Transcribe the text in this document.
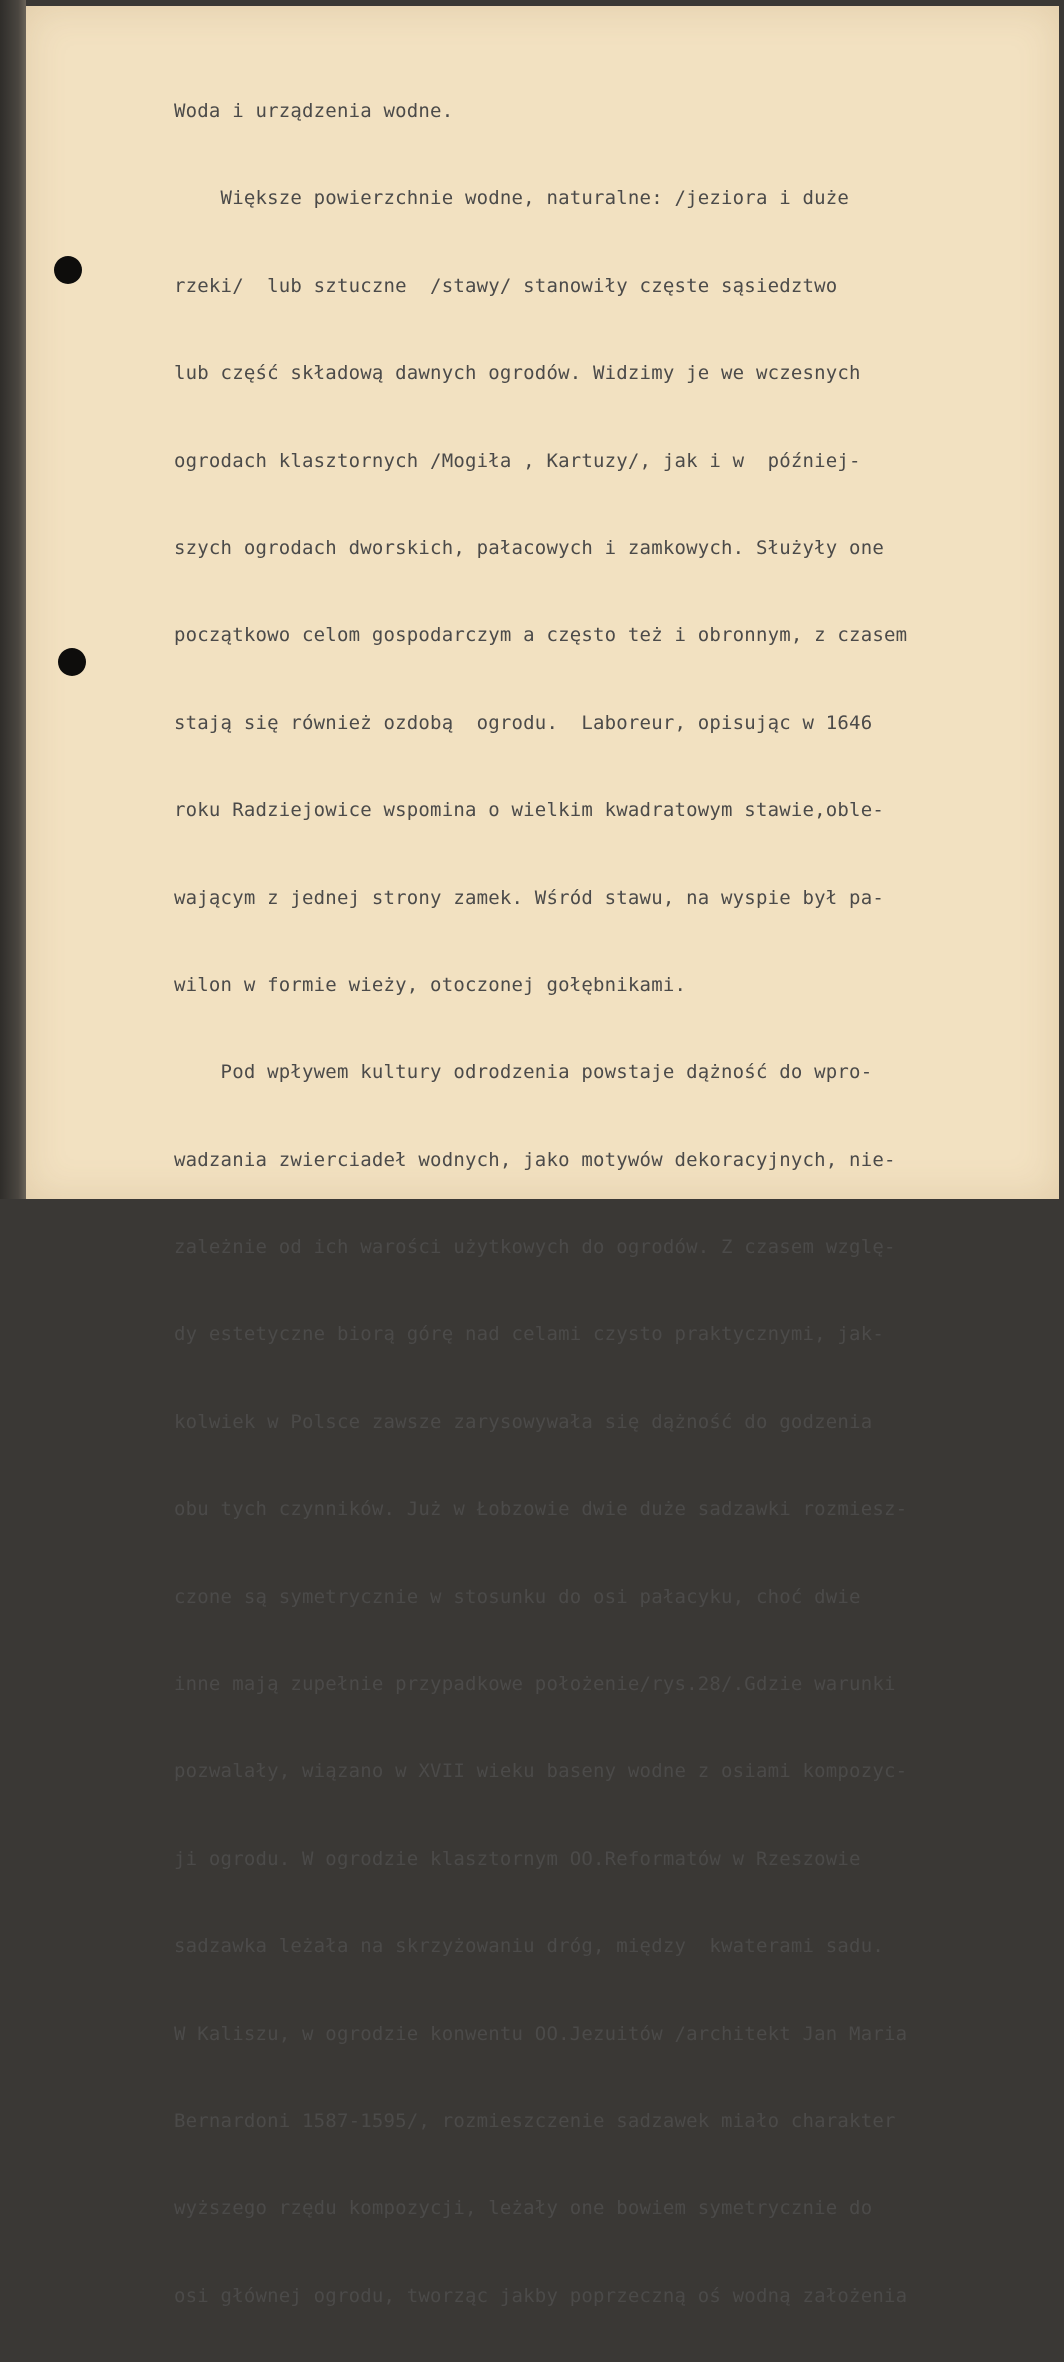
Woda i urządzenia wodne.

Większe powierzchnie wodne, naturalne: /jeziora i duże

rzeki/  lub sztuczne  /stawy/ stanowiły częste sąsiedztwo

lub część składową dawnych ogrodów. Widzimy je we wczesnych

ogrodach klasztornych /Mogiła , Kartuzy/, jak i w  później-

szych ogrodach dworskich, pałacowych i zamkowych. Służyły one

początkowo celom gospodarczym a często też i obronnym, z czasem

stają się również ozdobą  ogrodu.  Laboreur, opisując w 1646

roku Radziejowice wspomina o wielkim kwadratowym stawie,oble-

wającym z jednej strony zamek. Wśród stawu, na wyspie był pa-

wilon w formie wieży, otoczonej gołębnikami.

Pod wpływem kultury odrodzenia powstaje dążność do wpro-

wadzania zwierciadeł wodnych, jako motywów dekoracyjnych, nie-

zależnie od ich warości użytkowych do ogrodów. Z czasem wzglę-

dy estetyczne biorą górę nad celami czysto praktycznymi, jak-

kolwiek w Polsce zawsze zarysowywała się dążność do godzenia

obu tych czynników. Już w Łobzowie dwie duże sadzawki rozmiesz-

czone są symetrycznie w stosunku do osi pałacyku, choć dwie

inne mają zupełnie przypadkowe położenie/rys.28/.Gdzie warunki

pozwalały, wiązano w XVII wieku baseny wodne z osiami kompozyc-

ji ogrodu. W ogrodzie klasztornym OO.Reformatów w Rzeszowie

sadzawka leżała na skrzyżowaniu dróg, między  kwaterami sadu.

W Kaliszu, w ogrodzie konwentu OO.Jezuitów /architekt Jan Maria

Bernardoni 1587-1595/, rozmieszczenie sadzawek miało charakter

wyższego rzędu kompozycji, leżały one bowiem symetrycznie do

osi głównej ogrodu, tworząc jakby poprzeczną oś wodną założenia
